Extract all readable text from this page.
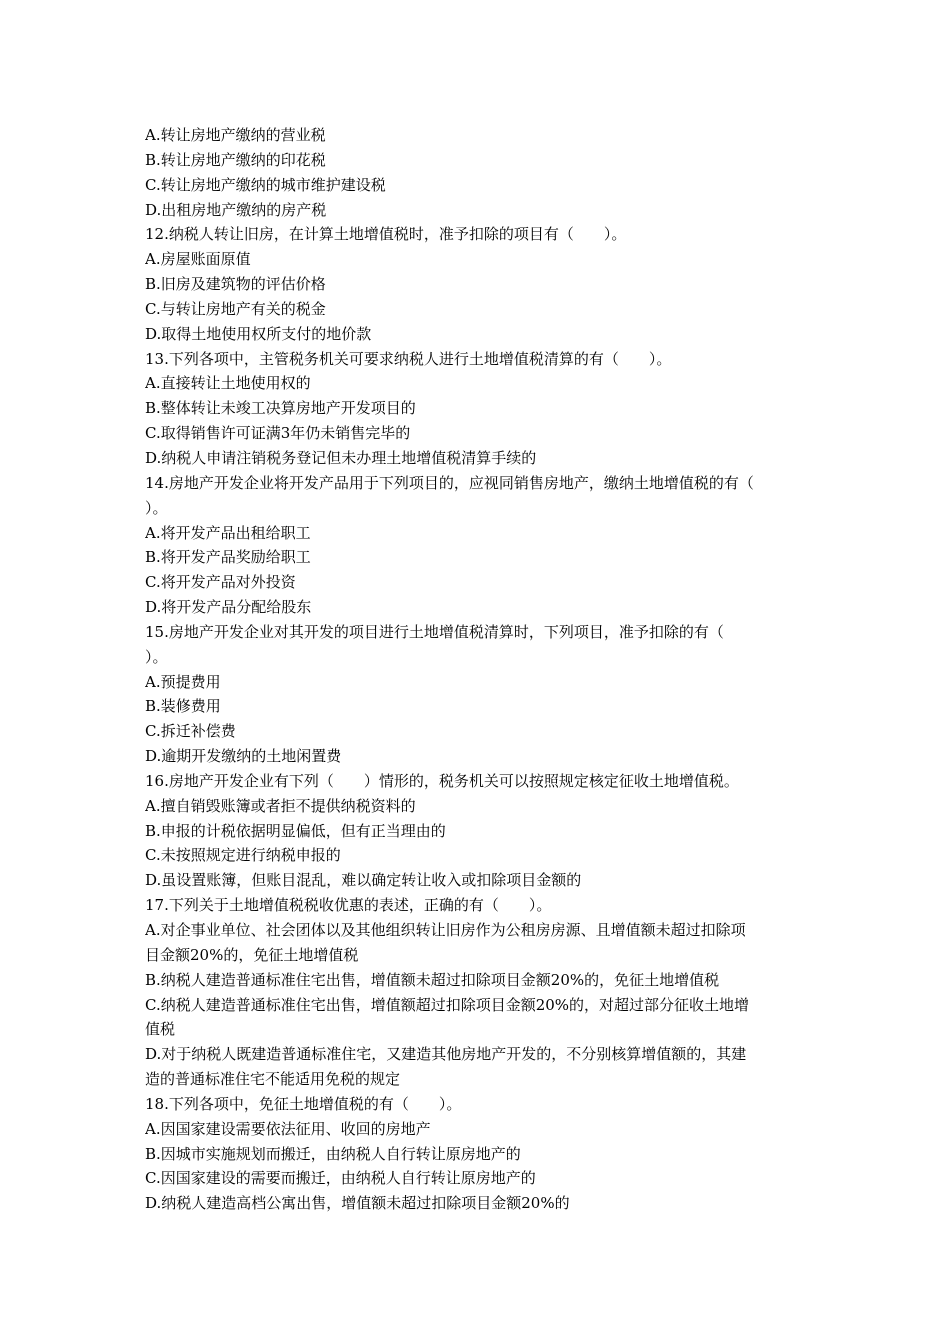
A.转让房地产缴纳的营业税
B.转让房地产缴纳的印花税
C.转让房地产缴纳的城市维护建设税
D.出租房地产缴纳的房产税
12.纳税人转让旧房，在计算土地增值税时，准予扣除的项目有（　　）。
A.房屋账面原值
B.旧房及建筑物的评估价格
C.与转让房地产有关的税金
D.取得土地使用权所支付的地价款
13.下列各项中，主管税务机关可要求纳税人进行土地增值税清算的有（　　）。
A.直接转让土地使用权的
B.整体转让未竣工决算房地产开发项目的
C.取得销售许可证满3年仍未销售完毕的
D.纳税人申请注销税务登记但未办理土地增值税清算手续的
14.房地产开发企业将开发产品用于下列项目的，应视同销售房地产，缴纳土地增值税的有（
）。
A.将开发产品出租给职工
B.将开发产品奖励给职工
C.将开发产品对外投资
D.将开发产品分配给股东
15.房地产开发企业对其开发的项目进行土地增值税清算时，下列项目，准予扣除的有（
）。
A.预提费用
B.装修费用
C.拆迁补偿费
D.逾期开发缴纳的土地闲置费
16.房地产开发企业有下列（　　）情形的，税务机关可以按照规定核定征收土地增值税。
A.擅自销毁账簿或者拒不提供纳税资料的
B.申报的计税依据明显偏低，但有正当理由的
C.未按照规定进行纳税申报的
D.虽设置账簿，但账目混乱，难以确定转让收入或扣除项目金额的
17.下列关于土地增值税税收优惠的表述，正确的有（　　）。
A.对企事业单位、社会团体以及其他组织转让旧房作为公租房房源、且增值额未超过扣除项
目金额20%的，免征土地增值税
B.纳税人建造普通标准住宅出售，增值额未超过扣除项目金额20%的，免征土地增值税
C.纳税人建造普通标准住宅出售，增值额超过扣除项目金额20%的，对超过部分征收土地增
值税
D.对于纳税人既建造普通标准住宅，又建造其他房地产开发的，不分别核算增值额的，其建
造的普通标准住宅不能适用免税的规定
18.下列各项中，免征土地增值税的有（　　）。
A.因国家建设需要依法征用、收回的房地产
B.因城市实施规划而搬迁，由纳税人自行转让原房地产的
C.因国家建设的需要而搬迁，由纳税人自行转让原房地产的
D.纳税人建造高档公寓出售，增值额未超过扣除项目金额20%的
